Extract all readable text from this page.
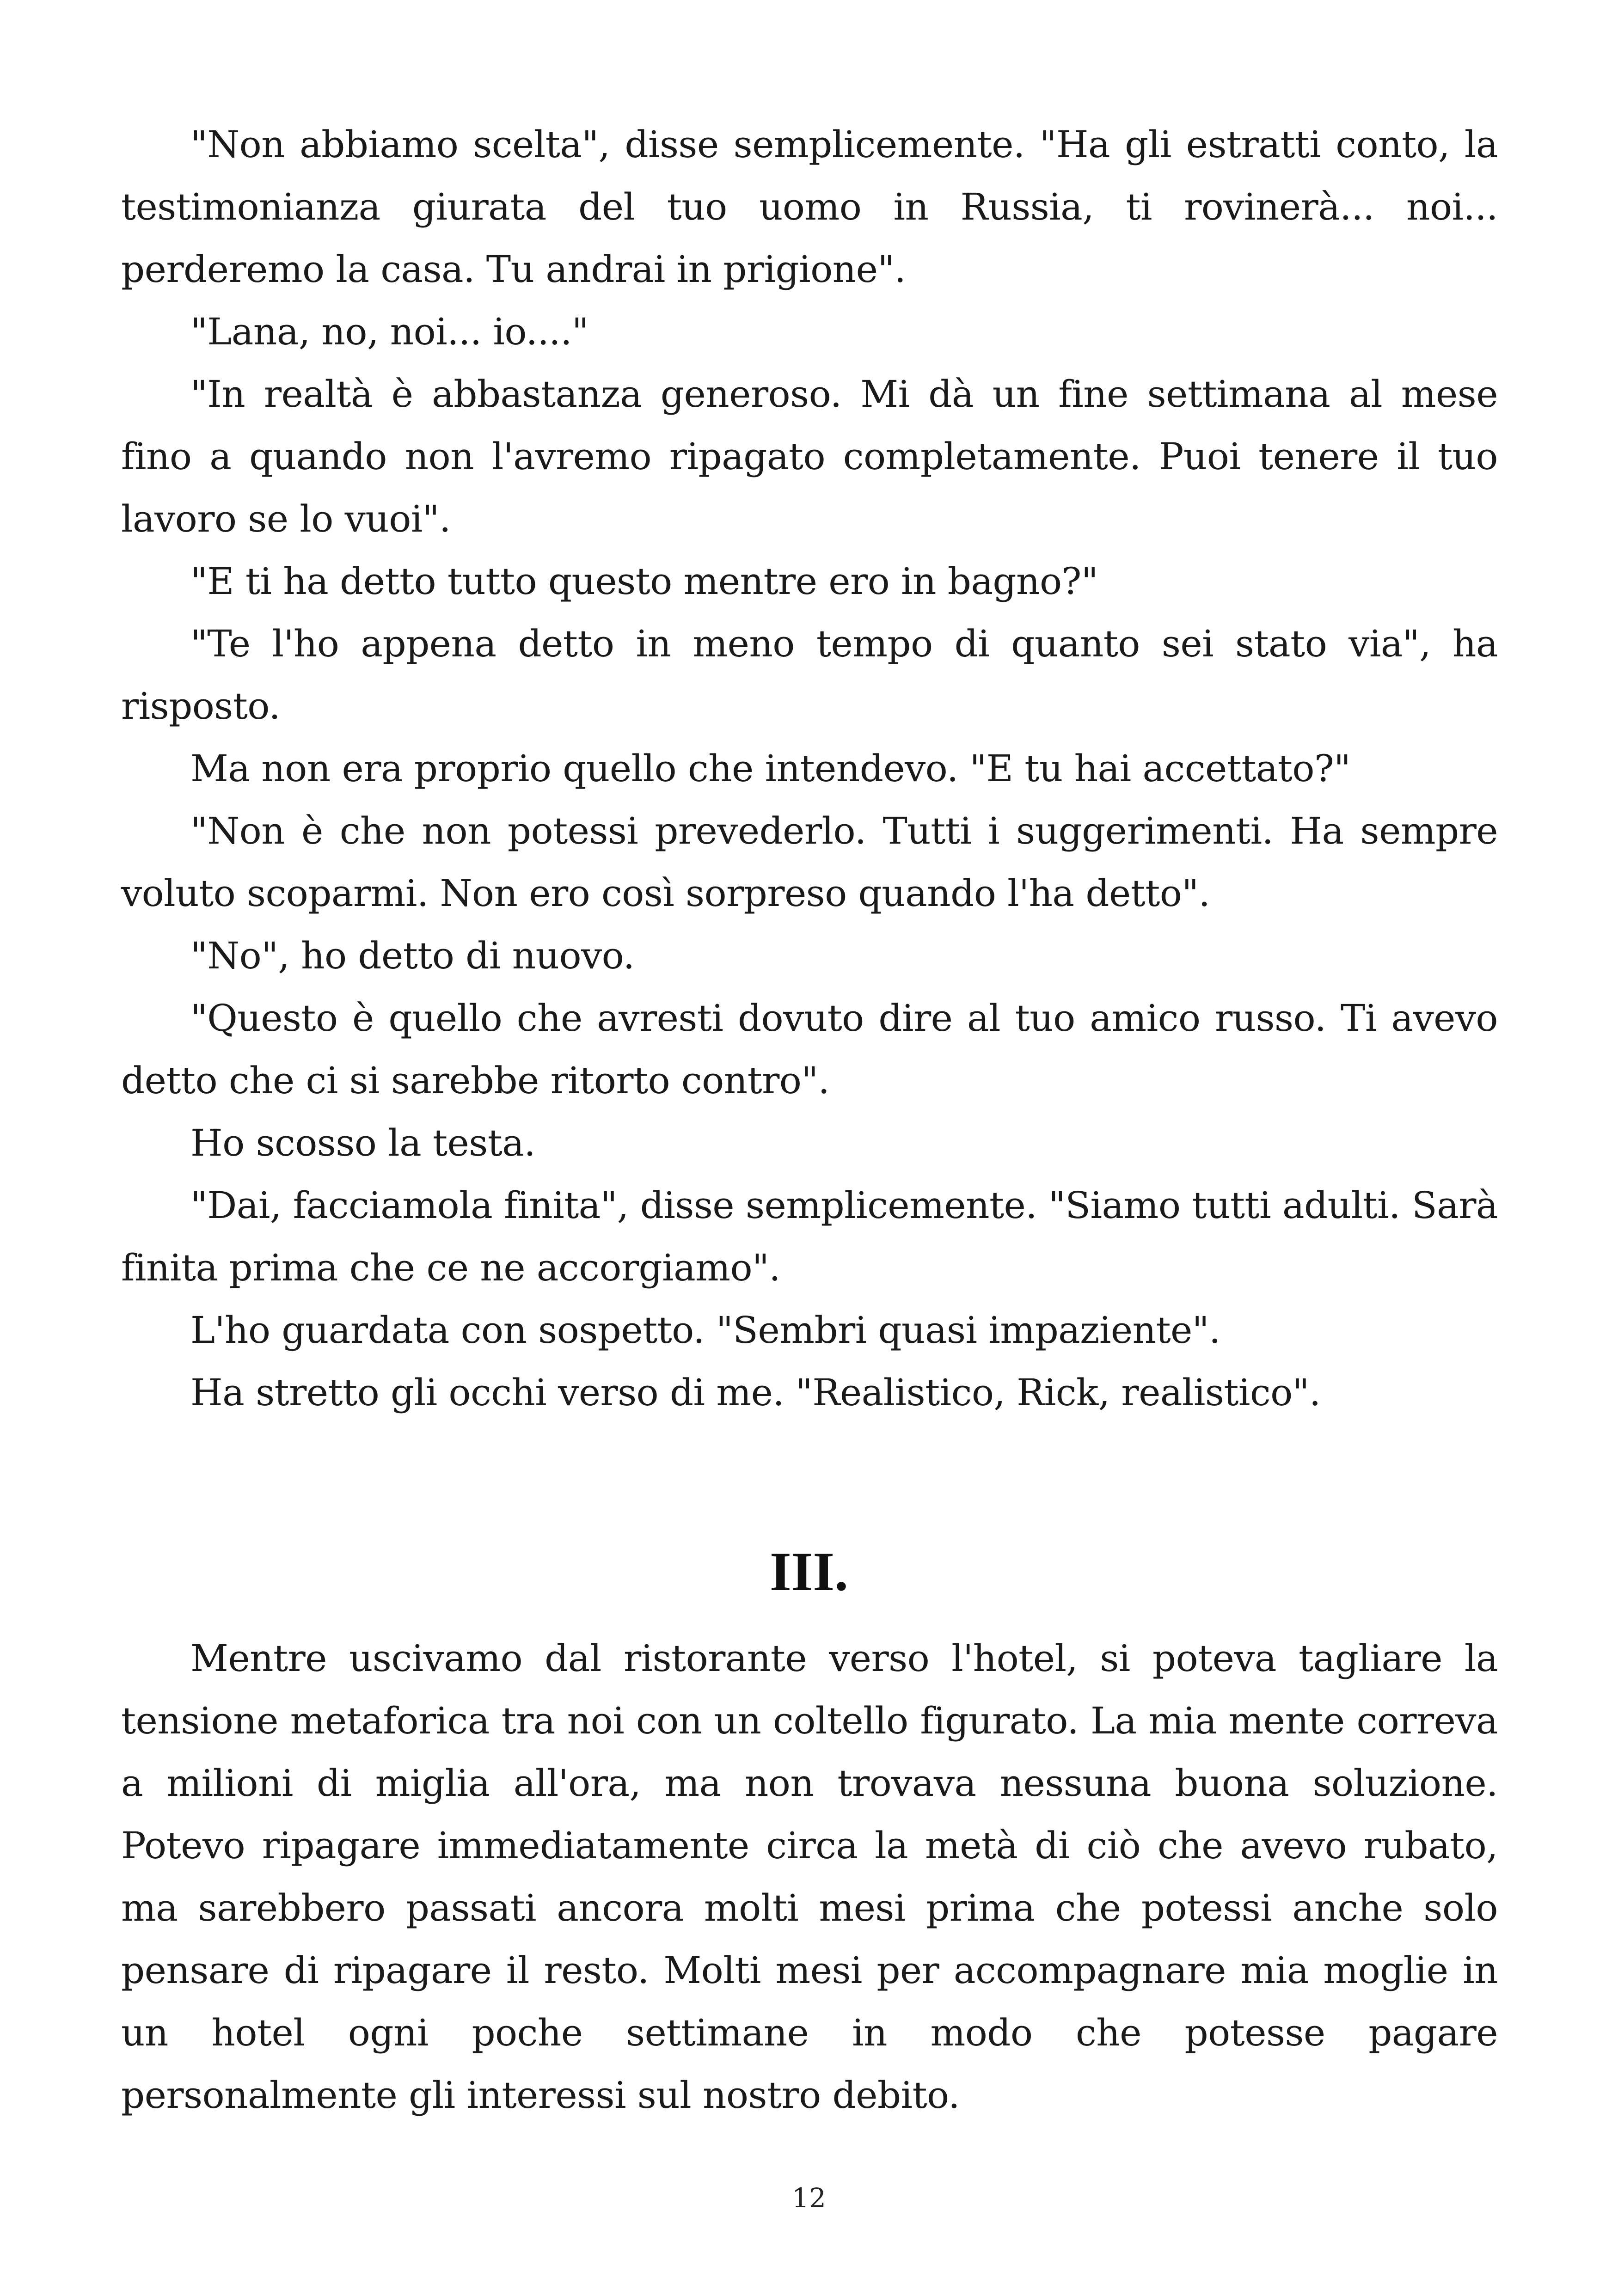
"Non abbiamo scelta", disse semplicemente. "Ha gli estratti conto, la testimonianza giurata del tuo uomo in Russia, ti rovinerà... noi... perderemo la casa. Tu andrai in prigione".

"Lana, no, noi... io...."

"In realtà è abbastanza generoso. Mi dà un fine settimana al mese fino a quando non l'avremo ripagato completamente. Puoi tenere il tuo lavoro se lo vuoi".

"E ti ha detto tutto questo mentre ero in bagno?"

"Te l'ho appena detto in meno tempo di quanto sei stato via", ha risposto.

Ma non era proprio quello che intendevo. "E tu hai accettato?"

"Non è che non potessi prevederlo. Tutti i suggerimenti. Ha sempre voluto scoparmi. Non ero così sorpreso quando l'ha detto".

"No", ho detto di nuovo.

"Questo è quello che avresti dovuto dire al tuo amico russo. Ti avevo detto che ci si sarebbe ritorto contro".

Ho scosso la testa.

"Dai, facciamola finita", disse semplicemente. "Siamo tutti adulti. Sarà finita prima che ce ne accorgiamo".

L'ho guardata con sospetto. "Sembri quasi impaziente".

Ha stretto gli occhi verso di me. "Realistico, Rick, realistico".

III.

Mentre uscivamo dal ristorante verso l'hotel, si poteva tagliare la tensione metaforica tra noi con un coltello figurato. La mia mente correva a milioni di miglia all'ora, ma non trovava nessuna buona soluzione. Potevo ripagare immediatamente circa la metà di ciò che avevo rubato, ma sarebbero passati ancora molti mesi prima che potessi anche solo pensare di ripagare il resto. Molti mesi per accompagnare mia moglie in un hotel ogni poche settimane in modo che potesse pagare personalmente gli interessi sul nostro debito.

12
